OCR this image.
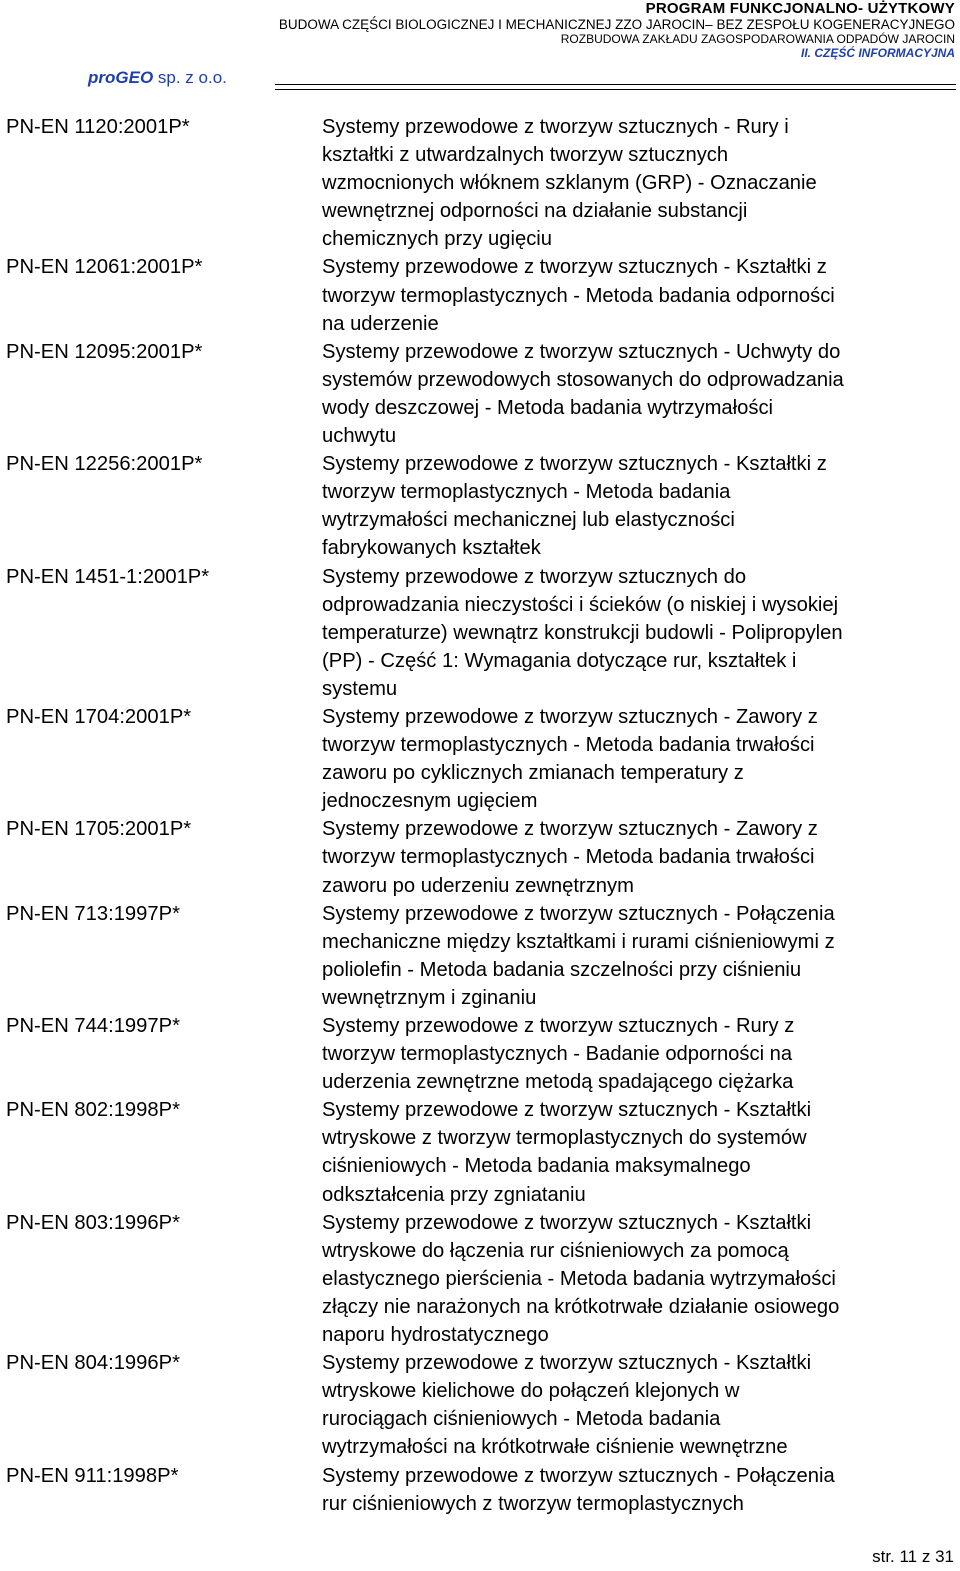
PROGRAM FUNKCJONALNO- UŻYTKOWY
BUDOWA CZĘŚCI BIOLOGICZNEJ I MECHANICZNEJ ZZO JAROCIN– BEZ ZESPOŁU KOGENERACYJNEGO
ROZBUDOWA ZAKŁADU ZAGOSPODAROWANIA ODPADÓW JAROCIN
II. CZĘŚĆ INFORMACYJNA
proGEO sp. z o.o.
PN-EN 1120:2001P*	Systemy przewodowe z tworzyw sztucznych - Rury i
kształtki z utwardzalnych tworzyw sztucznych
wzmocnionych włóknem szklanym (GRP) - Oznaczanie
wewnętrznej odporności na działanie substancji
chemicznych przy ugięciu
PN-EN 12061:2001P*	Systemy przewodowe z tworzyw sztucznych - Kształtki z
tworzyw termoplastycznych - Metoda badania odporności
na uderzenie
PN-EN 12095:2001P*	Systemy przewodowe z tworzyw sztucznych - Uchwyty do
systemów przewodowych stosowanych do odprowadzania
wody deszczowej - Metoda badania wytrzymałości
uchwytu
PN-EN 12256:2001P*	Systemy przewodowe z tworzyw sztucznych - Kształtki z
tworzyw termoplastycznych - Metoda badania
wytrzymałości mechanicznej lub elastyczności
fabrykowanych kształtek
PN-EN 1451-1:2001P*	Systemy przewodowe z tworzyw sztucznych do
odprowadzania nieczystości i ścieków (o niskiej i wysokiej
temperaturze) wewnątrz konstrukcji budowli - Polipropylen
(PP) - Część 1: Wymagania dotyczące rur, kształtek i
systemu
PN-EN 1704:2001P*	Systemy przewodowe z tworzyw sztucznych - Zawory z
tworzyw termoplastycznych - Metoda badania trwałości
zaworu po cyklicznych zmianach temperatury z
jednoczesnym ugięciem
PN-EN 1705:2001P*	Systemy przewodowe z tworzyw sztucznych - Zawory z
tworzyw termoplastycznych - Metoda badania trwałości
zaworu po uderzeniu zewnętrznym
PN-EN 713:1997P*	Systemy przewodowe z tworzyw sztucznych - Połączenia
mechaniczne między kształtkami i rurami ciśnieniowymi z
poliolefin - Metoda badania szczelności przy ciśnieniu
wewnętrznym i zginaniu
PN-EN 744:1997P*	Systemy przewodowe z tworzyw sztucznych - Rury z
tworzyw termoplastycznych - Badanie odporności na
uderzenia zewnętrzne metodą spadającego ciężarka
PN-EN 802:1998P*	Systemy przewodowe z tworzyw sztucznych - Kształtki
wtryskowe z tworzyw termoplastycznych do systemów
ciśnieniowych - Metoda badania maksymalnego
odkształcenia przy zgniataniu
PN-EN 803:1996P*	Systemy przewodowe z tworzyw sztucznych - Kształtki
wtryskowe do łączenia rur ciśnieniowych za pomocą
elastycznego pierścienia - Metoda badania wytrzymałości
złączy nie narażonych na krótkotrwałe działanie osiowego
naporu hydrostatycznego
PN-EN 804:1996P*	Systemy przewodowe z tworzyw sztucznych - Kształtki
wtryskowe kielichowe do połączeń klejonych w
rurociągach ciśnieniowych - Metoda badania
wytrzymałości na krótkotrwałe ciśnienie wewnętrzne
PN-EN 911:1998P*	Systemy przewodowe z tworzyw sztucznych - Połączenia
rur ciśnieniowych z tworzyw termoplastycznych
str. 11 z 31
